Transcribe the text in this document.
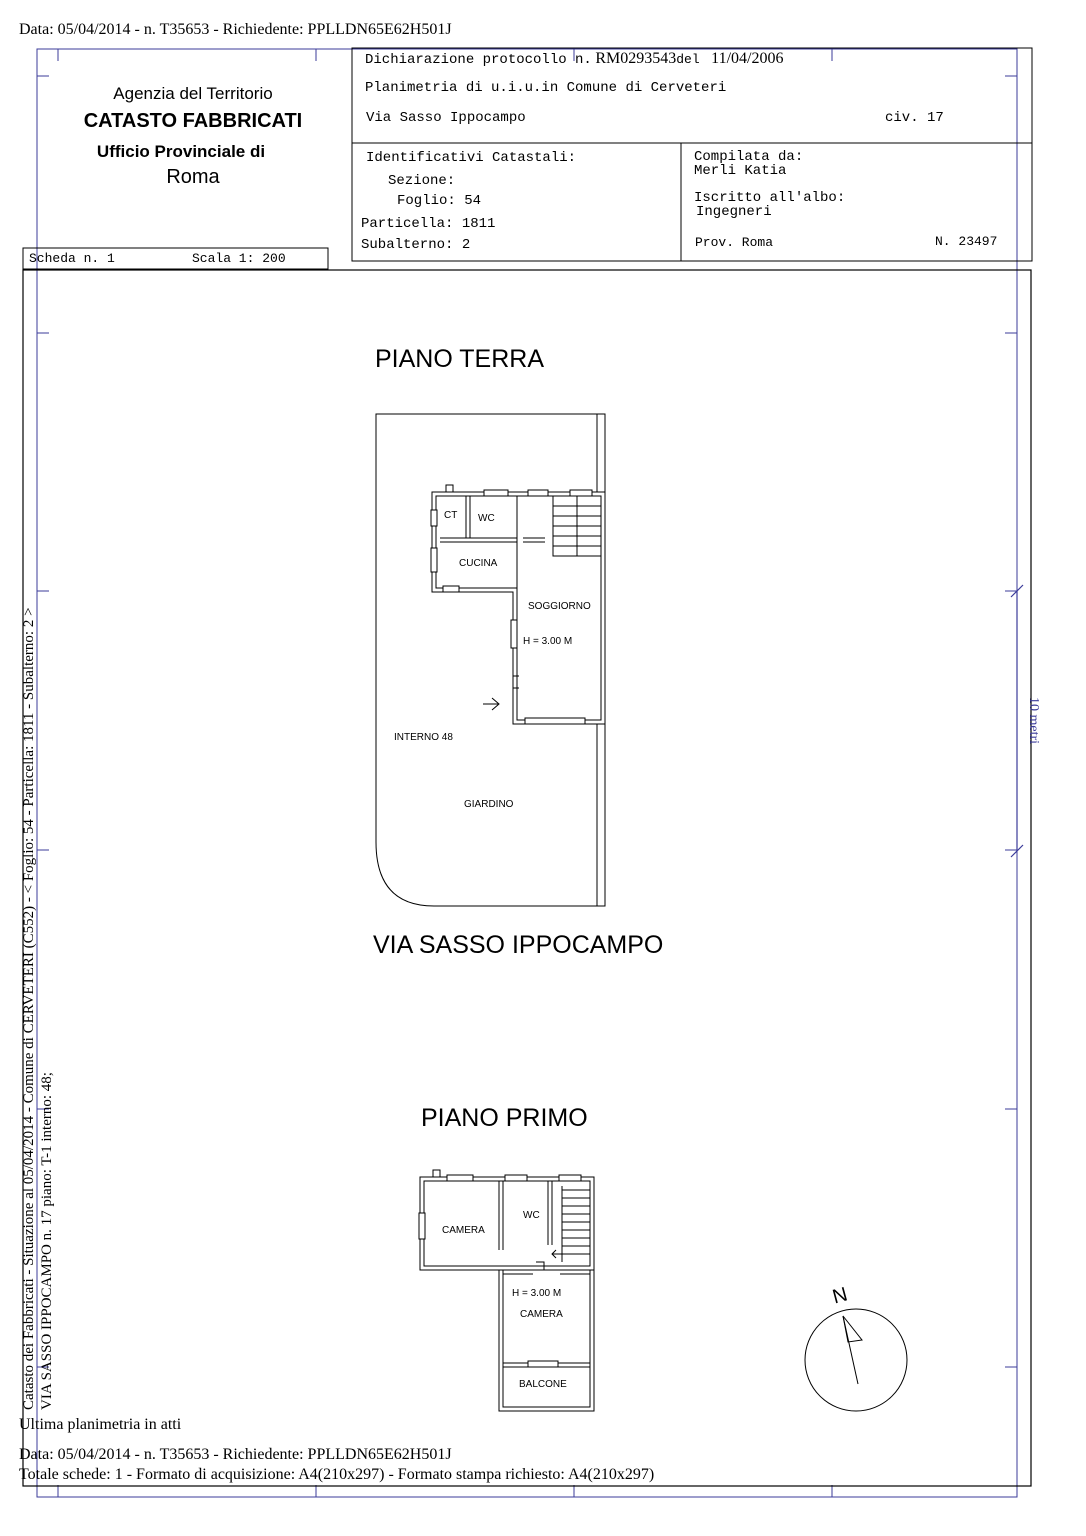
Data: 05/04/2014 - n. T35653 - Richiedente: PPLLDN65E62H501J
Agenzia del Territorio
CATASTO FABBRICATI
Ufficio Provinciale di
Roma
Dichiarazione protocollo n. RM0293543del 11/04/2006
Planimetria di u.i.u.in Comune di Cerveteri
Via Sasso Ippocampo	civ. 17
Identificativi Catastali:
Sezione:
Foglio: 54
Particella: 1811
Subalterno: 2
Compilata da:
Merli Katia
Iscritto all'albo:
Ingegneri
Prov. Roma	N. 23497
Scheda n. 1	Scala 1: 200
Catasto dei Fabbricati - Situazione al 05/04/2014 - Comune di CERVETERI (C552) - < Foglio: 54 - Particella: 1811 - Subalterno: 2 > VIA SASSO IPPOCAMPO n. 17 piano: T-1 interno: 48;
10 metri
PIANO TERRA
CT WC
CUCINA
SOGGIORNO
H = 3.00 M
INTERNO 48
GIARDINO
VIA SASSO IPPOCAMPO
PIANO PRIMO
CAMERA
WC
H = 3.00 M
CAMERA
BALCONE
N
Ultima planimetria in atti
Data: 05/04/2014 - n. T35653 - Richiedente: PPLLDN65E62H501J
Totale schede: 1 - Formato di acquisizione: A4(210x297) - Formato stampa richiesto: A4(210x297)
